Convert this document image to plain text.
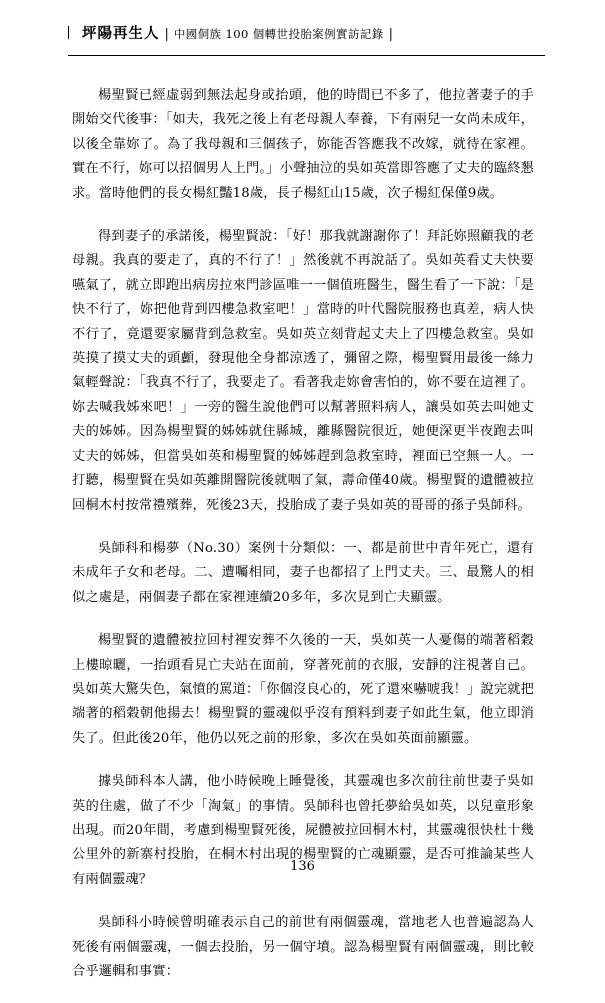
坪陽再生人 | 中國侗族 100 個轉世投胎案例實訪記錄 |

楊聖賢已經虛弱到無法起身或抬頭，他的時間已不多了，他拉著妻子的手開始交代後事：「如夫，我死之後上有老母親人奉養，下有兩兒一女尚未成年，以後全靠妳了。為了我母親和三個孩子，妳能否答應我不改嫁，就待在家裡。實在不行，妳可以招個男人上門。」小聲抽泣的吳如英當即答應了丈夫的臨終懇求。當時他們的長女楊紅豔18歲，長子楊紅山15歲，次子楊紅保僅9歲。

得到妻子的承諾後，楊聖賢說：「好！那我就謝謝你了！拜託妳照顧我的老母親。我真的要走了，真的不行了！」然後就不再說話了。吳如英看丈夫快要嚥氣了，就立即跑出病房拉來門診區唯一一個值班醫生，醫生看了一下說：「是快不行了，妳把他背到四樓急救室吧！」當時的叶代醫院服務也真差，病人快不行了，竟還要家屬背到急救室。吳如英立刻背起丈夫上了四樓急救室。吳如英摸了摸丈夫的頭顱，發現他全身都涼透了，彌留之際，楊聖賢用最後一絲力氣輕聲說：「我真不行了，我要走了。看著我走妳會害怕的，妳不要在這裡了。妳去喊我姊來吧！」一旁的醫生說他們可以幫著照料病人，讓吳如英去叫她丈夫的姊姊。因為楊聖賢的姊姊就住縣城，離縣醫院很近，她便深更半夜跑去叫丈夫的姊姊，但當吳如英和楊聖賢的姊姊趕到急救室時，裡面已空無一人。一打聽，楊聖賢在吳如英離開醫院後就咽了氣，壽命僅40歲。楊聖賢的遺體被拉回桐木村按常禮殯葬，死後23天，投胎成了妻子吳如英的哥哥的孫子吳師科。

吳師科和楊夢（No.30）案例十分類似：一、都是前世中青年死亡，還有未成年子女和老母。二、遭囑相同，妻子也都招了上門丈夫。三、最驚人的相似之處是，兩個妻子都在家裡連續20多年，多次見到亡夫顯靈。

楊聖賢的遺體被拉回村裡安葬不久後的一天，吳如英一人憂傷的端著稻穀上樓晾曬，一抬頭看見亡夫站在面前，穿著死前的衣服，安靜的注視著自己。吳如英大驚失色，氣憤的罵道：「你個沒良心的，死了還來嚇唬我！」說完就把端著的稻穀朝他揚去！楊聖賢的靈魂似乎沒有預料到妻子如此生氣，他立即消失了。但此後20年，他仍以死之前的形象，多次在吳如英面前顯靈。

據吳師科本人講，他小時候晚上睡覺後，其靈魂也多次前往前世妻子吳如英的住處，做了不少「淘氣」的事情。吳師科也曾托夢給吳如英，以兒童形象出現。而20年間，考慮到楊聖賢死後，屍體被拉回桐木村，其靈魂很快杜十幾公里外的新寨村投胎，在桐木村出現的楊聖賢的亡魂顯靈，是否可推論某些人有兩個靈魂？

吳師科小時候曾明確表示自己的前世有兩個靈魂，當地老人也普遍認為人死後有兩個靈魂，一個去投胎，另一個守墳。認為楊聖賢有兩個靈魂，則比較合乎邏輯和事實：

136
